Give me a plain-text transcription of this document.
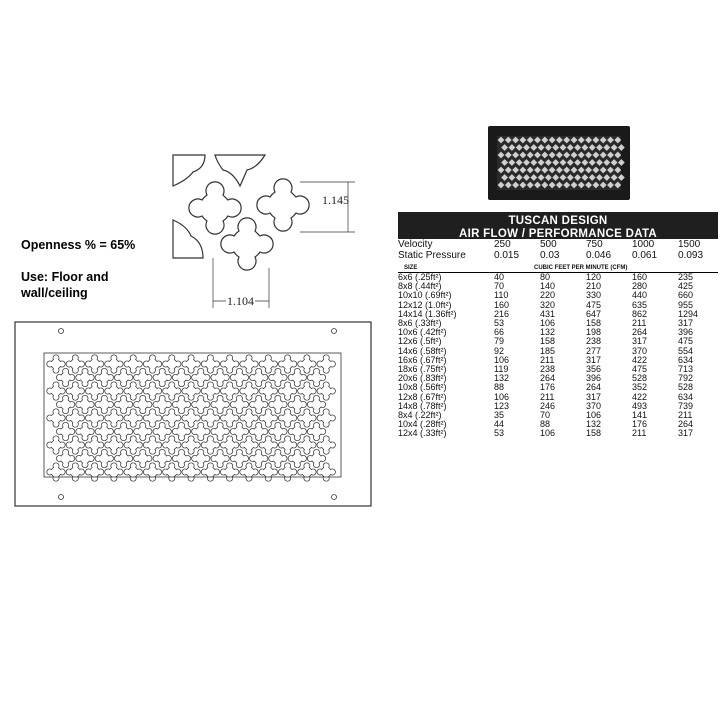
1.145
1.104
Openness % = 65%
Use: Floor and
wall/ceiling
TUSCAN DESIGN
AIR FLOW / PERFORMANCE DATA
Velocity	250	500	750	1000	1500
Static Pressure	0.015	0.03	0.046	0.061	0.093

SIZE	CUBIC FEET PER MINUTE (CFM)				
6x6 (.25ft²)	40	80	120	160	235
8x8 (.44ft²)	70	140	210	280	425
10x10 (.69ft²)	110	220	330	440	660
12x12 (1.0ft²)	160	320	475	635	955
14x14 (1.36ft²)	216	431	647	862	1294
8x6 (.33ft²)	53	106	158	211	317
10x6 (.42ft²)	66	132	198	264	396
12x6 (.5ft²)	79	158	238	317	475
14x6 (.58ft²)	92	185	277	370	554
16x6 (.67ft²)	106	211	317	422	634
18x6 (.75ft²)	119	238	356	475	713
20x6 (.83ft²)	132	264	396	528	792
10x8 (.56ft²)	88	176	264	352	528
12x8 (.67ft²)	106	211	317	422	634
14x8 (.78ft²)	123	246	370	493	739
8x4 (.22ft²)	35	70	106	141	211
10x4 (.28ft²)	44	88	132	176	264
12x4 (.33ft²)	53	106	158	211	317
